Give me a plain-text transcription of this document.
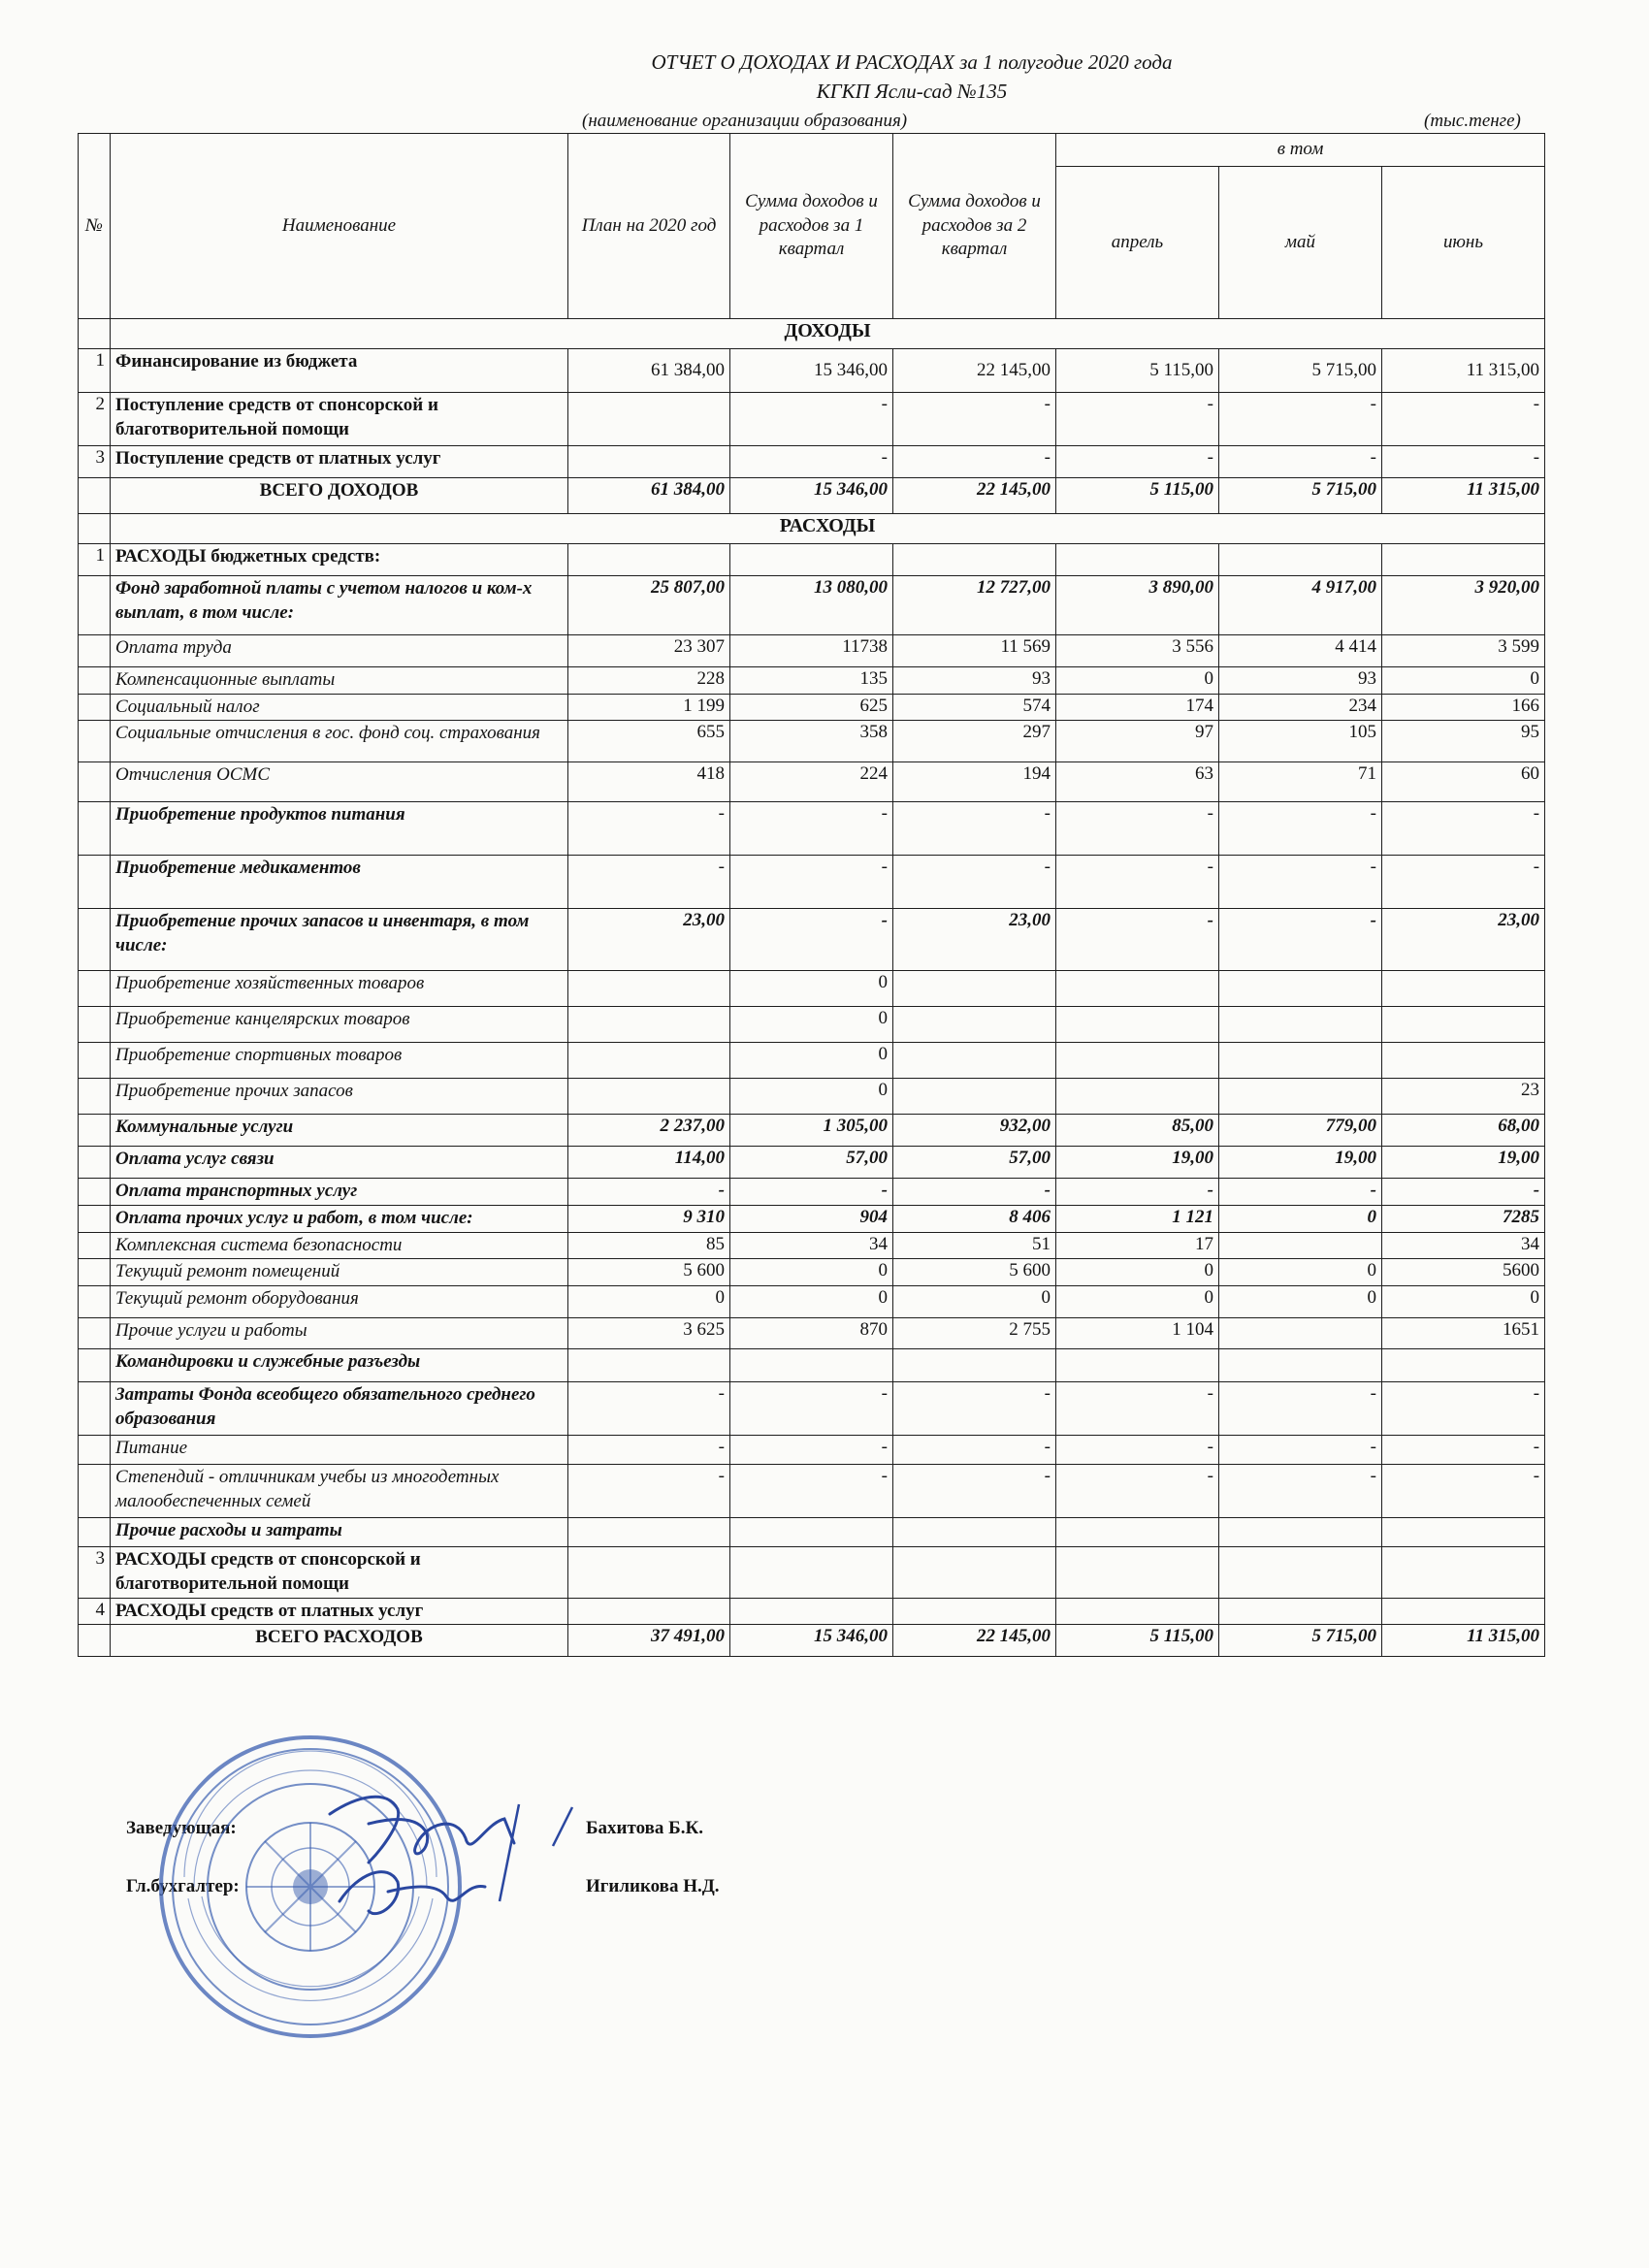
ОТЧЕТ О ДОХОДАХ И РАСХОДАХ за 1 полугодие 2020 года
КГКП Ясли-сад №135
(наименование организации образования)	(тыс.тенге)
№	Наименование	План на 2020 год	Сумма доходов и расходов за 1 квартал	Сумма доходов и расходов за 2 квартал	в том		
					апрель	май	июнь
	ДОХОДЫ						
1	Финансирование из бюджета	61 384,00	15 346,00	22 145,00	5 115,00	5 715,00	11 315,00
2	Поступление средств от спонсорской и благотворительной помощи		-	-	-	-	-
3	Поступление средств от платных услуг		-	-	-	-	-
	ВСЕГО ДОХОДОВ	61 384,00	15 346,00	22 145,00	5 115,00	5 715,00	11 315,00
	РАСХОДЫ						
1	РАСХОДЫ бюджетных средств:						
	Фонд заработной платы с учетом налогов и ком-х выплат, в том числе:	25 807,00	13 080,00	12 727,00	3 890,00	4 917,00	3 920,00
	Оплата труда	23 307	11738	11 569	3 556	4 414	3 599
	Компенсационные выплаты	228	135	93	0	93	0
	Социальный налог	1 199	625	574	174	234	166
	Социальные отчисления в гос. фонд соц. страхования	655	358	297	97	105	95
	Отчисления ОСМС	418	224	194	63	71	60
	Приобретение продуктов питания	-	-	-	-	-	-
	Приобретение медикаментов	-	-	-	-	-	-
	Приобретение прочих запасов и инвентаря, в том числе:	23,00	-	23,00	-	-	23,00
	Приобретение хозяйственных товаров		0				
	Приобретение канцелярских товаров		0				
	Приобретение спортивных товаров		0				
	Приобретение прочих запасов		0				23
	Коммунальные услуги	2 237,00	1 305,00	932,00	85,00	779,00	68,00
	Оплата услуг связи	114,00	57,00	57,00	19,00	19,00	19,00
	Оплата транспортных услуг	-	-	-	-	-	-
	Оплата прочих услуг и работ, в том числе:	9 310	904	8 406	1 121	0	7285
	Комплексная система безопасности	85	34	51	17		34
	Текущий ремонт помещений	5 600	0	5 600	0	0	5600
	Текущий ремонт оборудования	0	0	0	0	0	0
	Прочие услуги и работы	3 625	870	2 755	1 104		1651
	Командировки и служебные разъезды						
	Затраты Фонда всеобщего обязательного среднего образования	-	-	-	-	-	-
	Питание	-	-	-	-	-	-
	Степендий - отличникам учебы из многодетных малообеспеченных семей	-	-	-	-	-	-
	Прочие расходы и затраты						
3	РАСХОДЫ средств от спонсорской и благотворительной помощи						
4	РАСХОДЫ средств от платных услуг						
	ВСЕГО РАСХОДОВ	37 491,00	15 346,00	22 145,00	5 115,00	5 715,00	11 315,00
Заведующая:	Бахитова Б.К.
Гл.бухгалтер:	Игиликова Н.Д.
